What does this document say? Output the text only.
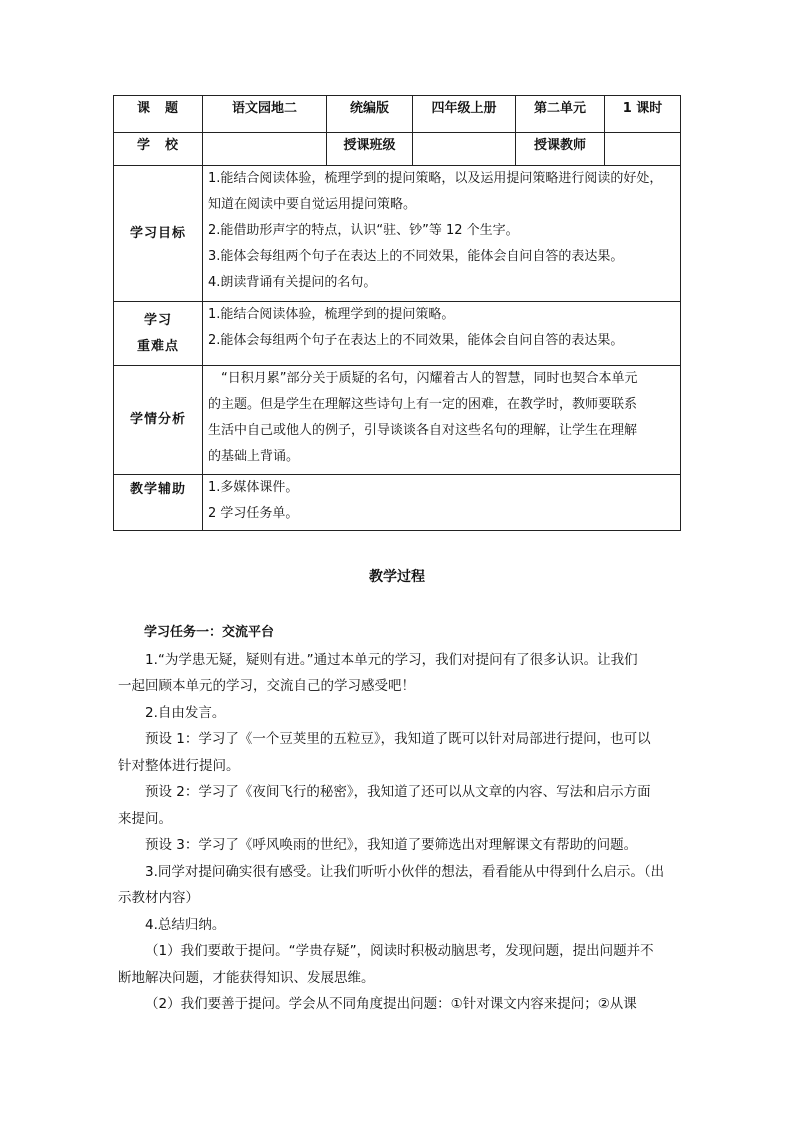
课　题	语文园地二	统编版	四年级上册	第二单元	1 课时
学　校		授课班级		授课教师	
学习目标	1.能结合阅读体验，梳理学到的提问策略，以及运用提问策略进行阅读的好处，
知道在阅读中要自觉运用提问策略。
2.能借助形声字的特点，认识“驻、钞”等 12 个生字。
3.能体会每组两个句子在表达上的不同效果，能体会自问自答的表达果。
4.朗读背诵有关提问的名句。				

学习
重难点	1.能结合阅读体验，梳理学到的提问策略。
2.能体会每组两个句子在表达上的不同效果，能体会自问自答的表达果。				

学情分析	“日积月累”部分关于质疑的名句，闪耀着古人的智慧，同时也契合本单元
的主题。但是学生在理解这些诗句上有一定的困难，在教学时，教师要联系
生活中自己或他人的例子，引导谈谈各自对这些名句的理解，让学生在理解
的基础上背诵。				

教学辅助	1.多媒体课件。
2 学习任务单。				
教学过程

学习任务一：交流平台

1.“为学患无疑，疑则有进。”通过本单元的学习，我们对提问有了很多认识。让我们

一起回顾本单元的学习，交流自己的学习感受吧！

2.自由发言。

预设 1：学习了《一个豆荚里的五粒豆》，我知道了既可以针对局部进行提问，也可以

针对整体进行提问。

预设 2：学习了《夜间飞行的秘密》，我知道了还可以从文章的内容、写法和启示方面

来提问。

预设 3：学习了《呼风唤雨的世纪》，我知道了要筛选出对理解课文有帮助的问题。

3.同学对提问确实很有感受。让我们听听小伙伴的想法，看看能从中得到什么启示。（出

示教材内容）

4.总结归纳。

（1）我们要敢于提问。“学贵存疑”，阅读时积极动脑思考，发现问题，提出问题并不

断地解决问题，才能获得知识、发展思维。

（2）我们要善于提问。学会从不同角度提出问题：①针对课文内容来提问；②从课
